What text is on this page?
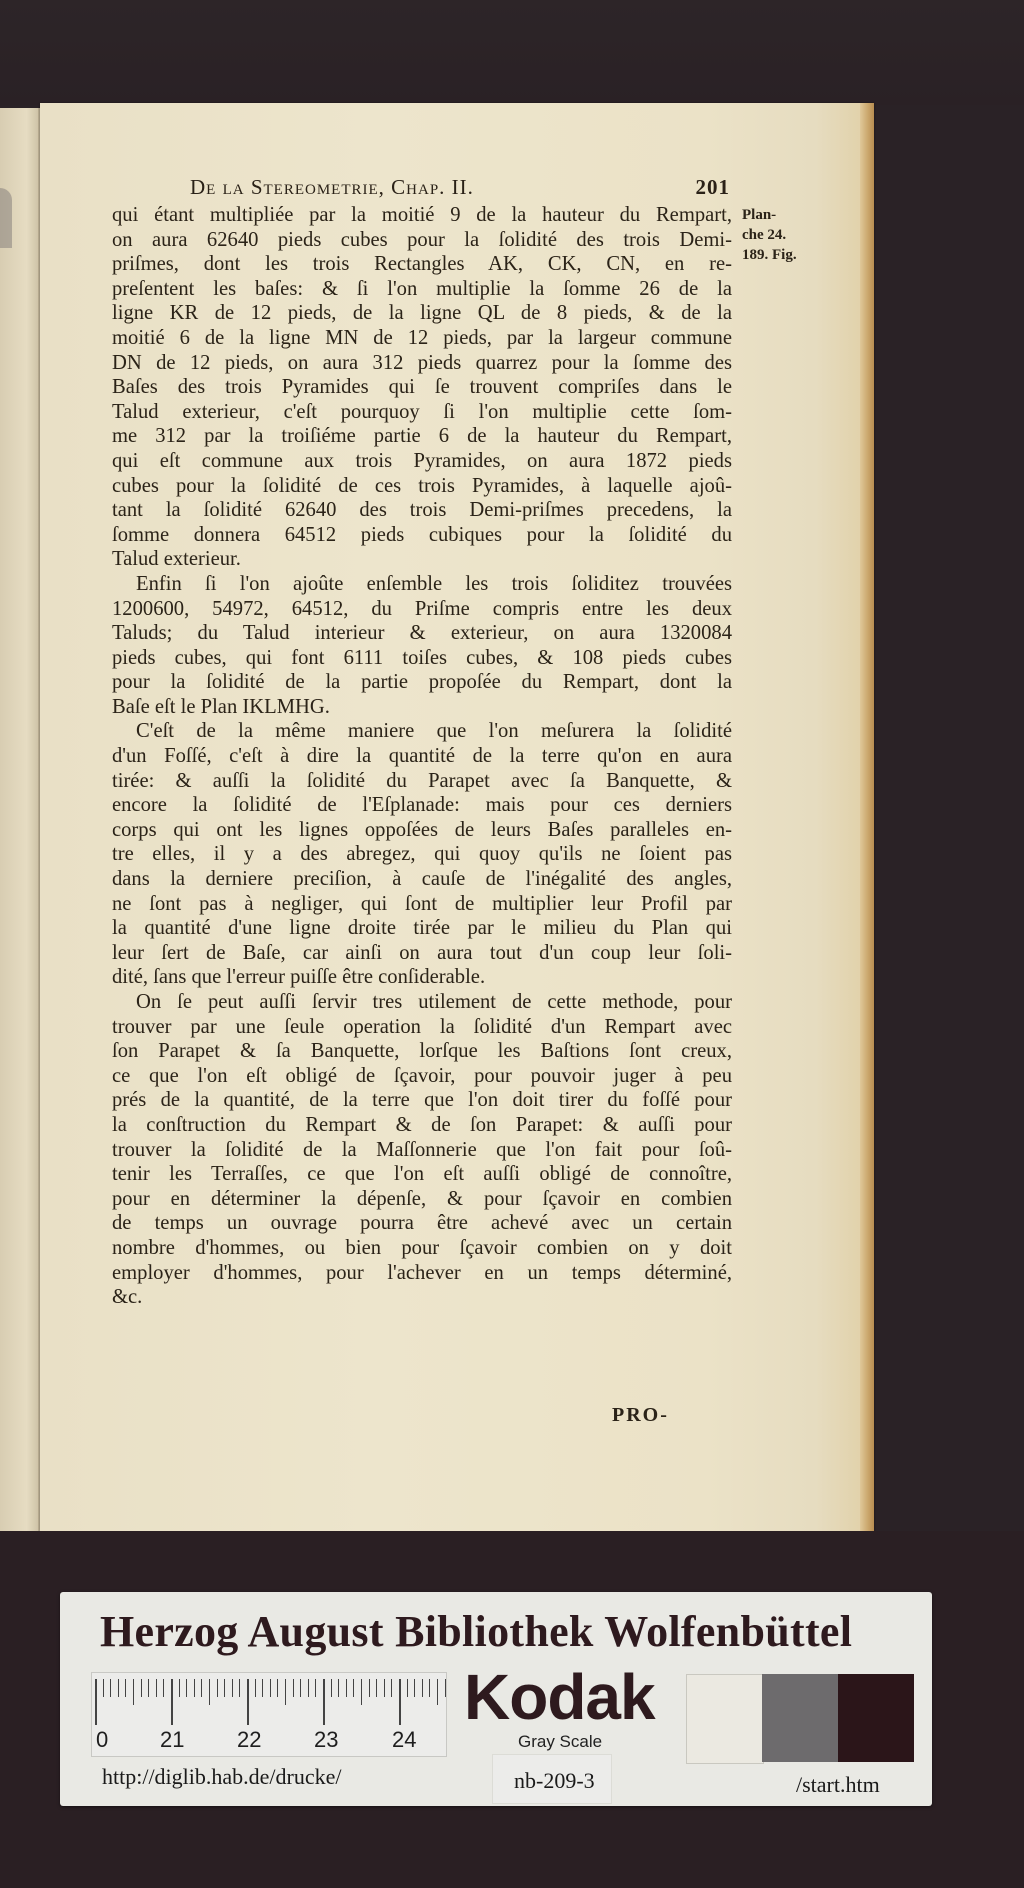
De la Stereometrie, Chap. II.	201
Plan-
che 24.
189. Fig.

qui étant multipliée par la moitié 9 de la hauteur du Rempart,
on aura 62640 pieds cubes pour la ſolidité des trois Demi-
priſmes, dont les trois Rectangles AK, CK, CN, en re-
preſentent les baſes: & ſi l'on multiplie la ſomme 26 de la
ligne KR de 12 pieds, de la ligne QL de 8 pieds, & de la
moitié 6 de la ligne MN de 12 pieds, par la largeur commune
DN de 12 pieds, on aura 312 pieds quarrez pour la ſomme des
Baſes des trois Pyramides qui ſe trouvent compriſes dans le
Talud exterieur, c'eſt pourquoy ſi l'on multiplie cette ſom-
me 312 par la troiſiéme partie 6 de la hauteur du Rempart,
qui eſt commune aux trois Pyramides, on aura 1872 pieds
cubes pour la ſolidité de ces trois Pyramides, à laquelle ajoû-
tant la ſolidité 62640 des trois Demi-priſmes precedens, la
ſomme donnera 64512 pieds cubiques pour la ſolidité du
Talud exterieur.

Enfin ſi l'on ajoûte enſemble les trois ſoliditez trouvées
1200600, 54972, 64512, du Priſme compris entre les deux
Taluds; du Talud interieur & exterieur, on aura 1320084
pieds cubes, qui font 6111 toiſes cubes, & 108 pieds cubes
pour la ſolidité de la partie propoſée du Rempart, dont la
Baſe eſt le Plan IKLMHG.

C'eſt de la même maniere que l'on meſurera la ſolidité
d'un Foſſé, c'eſt à dire la quantité de la terre qu'on en aura
tirée: & auſſi la ſolidité du Parapet avec ſa Banquette, &
encore la ſolidité de l'Eſplanade: mais pour ces derniers
corps qui ont les lignes oppoſées de leurs Baſes paralleles en-
tre elles, il y a des abregez, qui quoy qu'ils ne ſoient pas
dans la derniere preciſion, à cauſe de l'inégalité des angles,
ne ſont pas à negliger, qui ſont de multiplier leur Profil par
la quantité d'une ligne droite tirée par le milieu du Plan qui
leur ſert de Baſe, car ainſi on aura tout d'un coup leur ſoli-
dité, ſans que l'erreur puiſſe être conſiderable.

On ſe peut auſſi ſervir tres utilement de cette methode, pour
trouver par une ſeule operation la ſolidité d'un Rempart avec
ſon Parapet & ſa Banquette, lorſque les Baſtions ſont creux,
ce que l'on eſt obligé de ſçavoir, pour pouvoir juger à peu
prés de la quantité, de la terre que l'on doit tirer du foſſé pour
la conſtruction du Rempart & de ſon Parapet: & auſſi pour
trouver la ſolidité de la Maſſonnerie que l'on fait pour ſoû-
tenir les Terraſſes, ce que l'on eſt auſſi obligé de connoître,
pour en déterminer la dépenſe, & pour ſçavoir en combien
de temps un ouvrage pourra être achevé avec un certain
nombre d'hommes, ou bien pour ſçavoir combien on y doit
employer d'hommes, pour l'achever en un temps déterminé,
&c.

PRO-
Herzog August Bibliothek Wolfenbüttel
0 21 22 23 24
Kodak
Gray Scale
http://diglib.hab.de/drucke/	nb-209-3	/start.htm
